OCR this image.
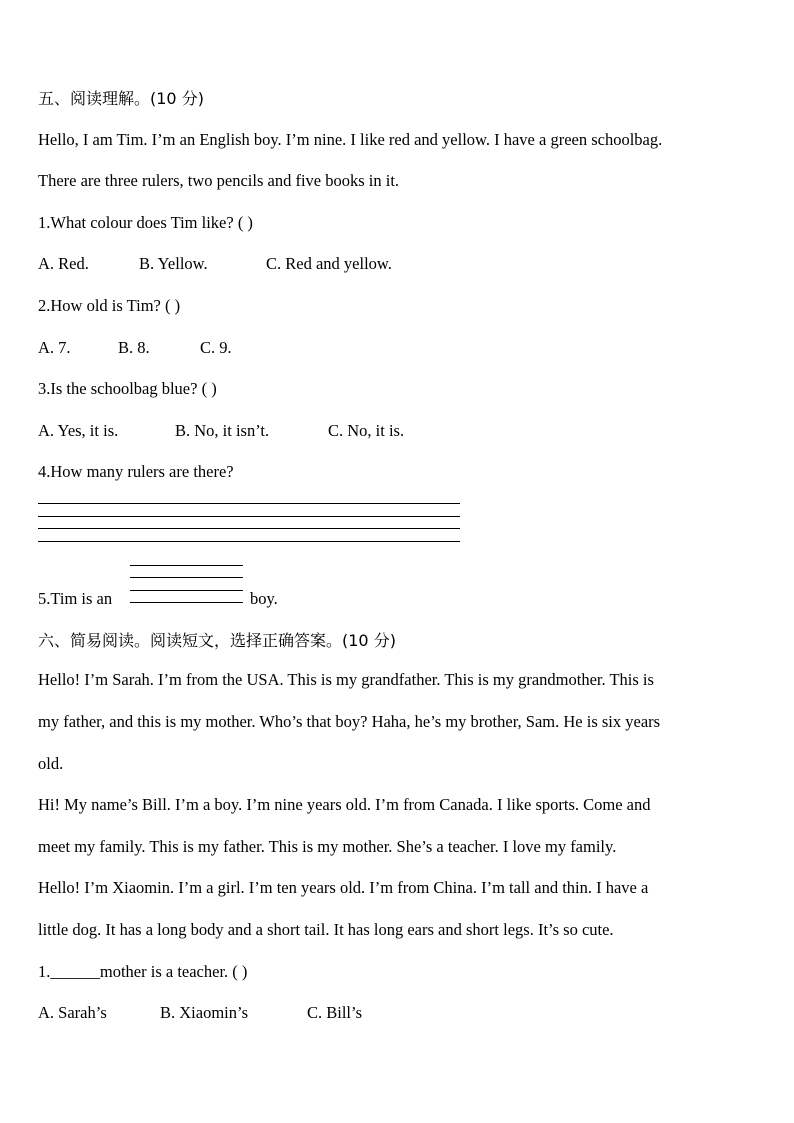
五、阅读理解。(10 分)
Hello, I am Tim. I’m an English boy. I’m nine. I like red and yellow. I have a green schoolbag.
There are three rulers, two pencils and five books in it.
1.What colour does Tim like? ( )
A. Red.	B. Yellow.	C. Red and yellow.
2.How old is Tim? ( )
A. 7.	B. 8.	C. 9.
3.Is the schoolbag blue? ( )
A. Yes, it is.	B. No, it isn’t.	C. No, it is.
4.How many rulers are there?
5.Tim is an	boy.
六、简易阅读。阅读短文，选择正确答案。(10 分)
Hello! I’m Sarah. I’m from the USA. This is my grandfather. This is my grandmother. This is
my father, and this is my mother. Who’s that boy? Haha, he’s my brother, Sam. He is six years
old.
Hi! My name’s Bill. I’m a boy. I’m nine years old. I’m from Canada. I like sports. Come and
meet my family. This is my father. This is my mother. She’s a teacher. I love my family.
Hello! I’m Xiaomin. I’m a girl. I’m ten years old. I’m from China. I’m tall and thin. I have a
little dog. It has a long body and a short tail. It has long ears and short legs. It’s so cute.
1.______mother is a teacher. ( )
A. Sarah’s	B. Xiaomin’s	C. Bill’s
